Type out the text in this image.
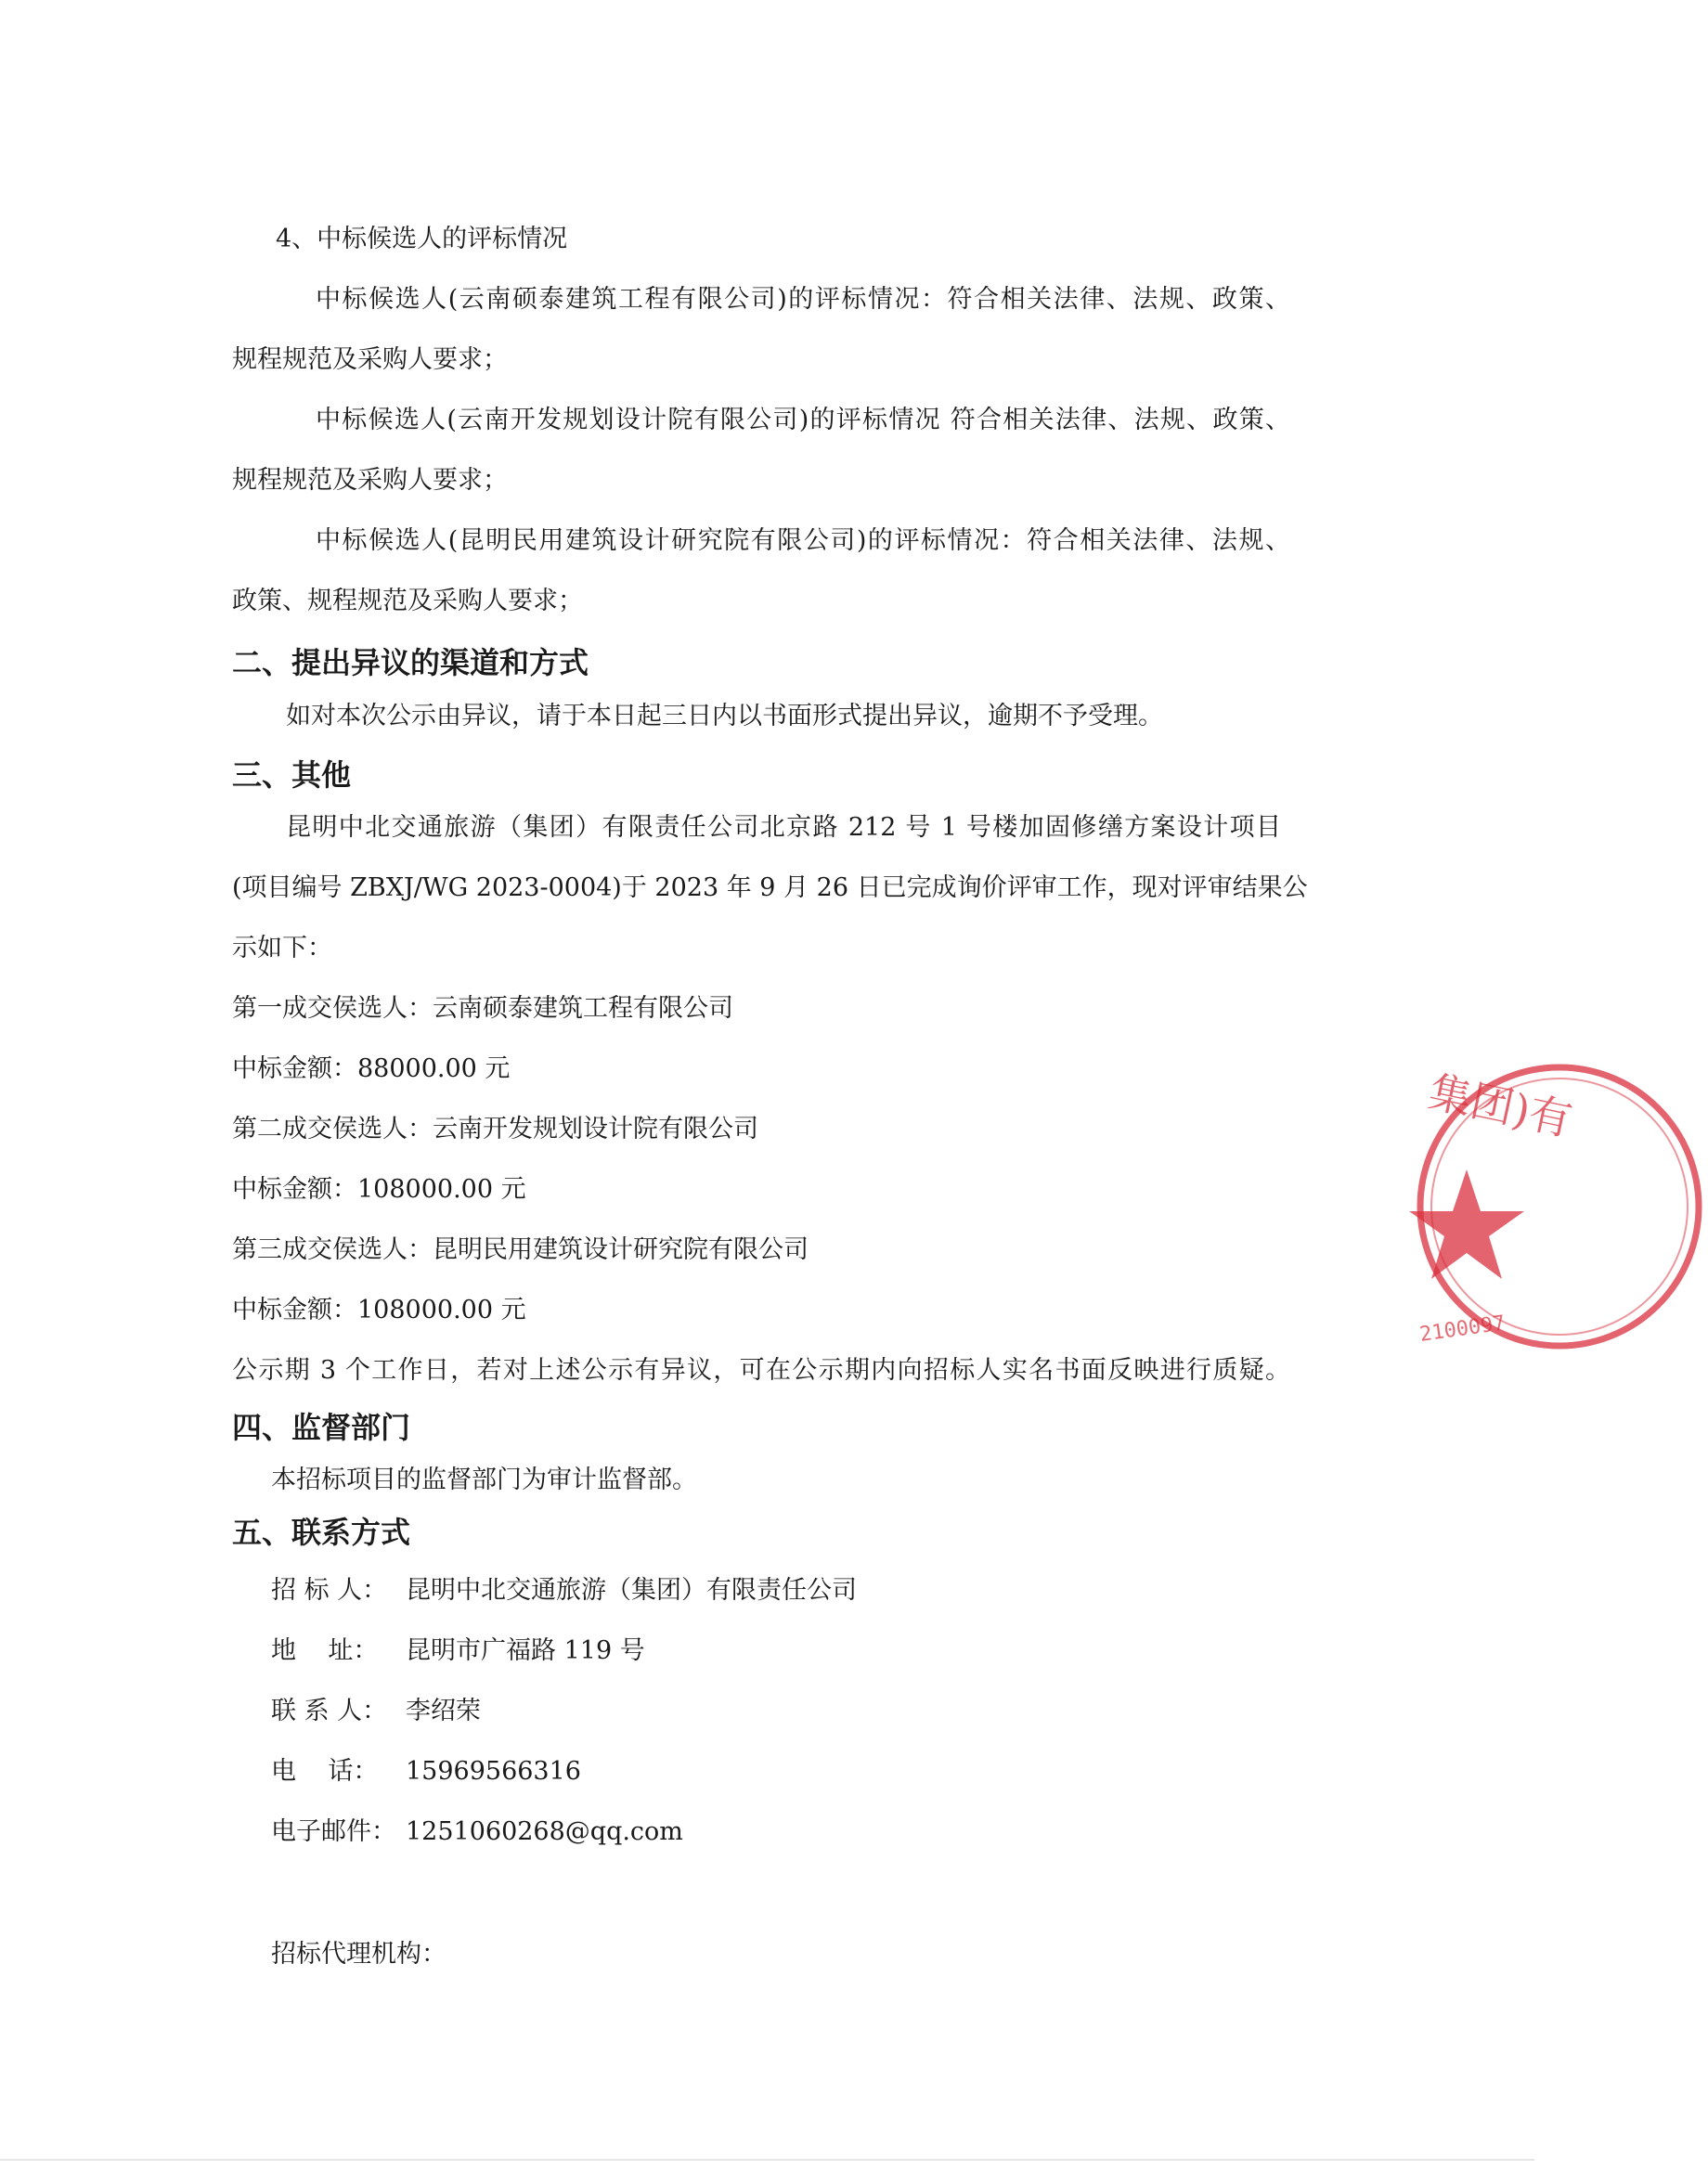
4、中标候选人的评标情况
中标候选人(云南硕泰建筑工程有限公司)的评标情况：符合相关法律、法规、政策、
规程规范及采购人要求；
中标候选人(云南开发规划设计院有限公司)的评标情况 符合相关法律、法规、政策、
规程规范及采购人要求；
中标候选人(昆明民用建筑设计研究院有限公司)的评标情况：符合相关法律、法规、
政策、规程规范及采购人要求；
二、提出异议的渠道和方式
如对本次公示由异议，请于本日起三日内以书面形式提出异议，逾期不予受理。
三、其他
昆明中北交通旅游（集团）有限责任公司北京路 212 号 1 号楼加固修缮方案设计项目
(项目编号 ZBXJ/WG 2023-0004)于 2023 年 9 月 26 日已完成询价评审工作，现对评审结果公
示如下：
第一成交侯选人：云南硕泰建筑工程有限公司
中标金额：88000.00 元
第二成交侯选人：云南开发规划设计院有限公司
中标金额：108000.00 元
第三成交侯选人：昆明民用建筑设计研究院有限公司
中标金额：108000.00 元
公示期 3 个工作日，若对上述公示有异议，可在公示期内向招标人实名书面反映进行质疑。
四、监督部门
本招标项目的监督部门为审计监督部。
五、联系方式
招 标 人： 昆明中北交通旅游（集团）有限责任公司
地    址： 昆明市广福路 119 号
联 系 人： 李绍荣
电    话： 15969566316
电子邮件： 1251060268@qq.com
招标代理机构：
集团)有
2100097
